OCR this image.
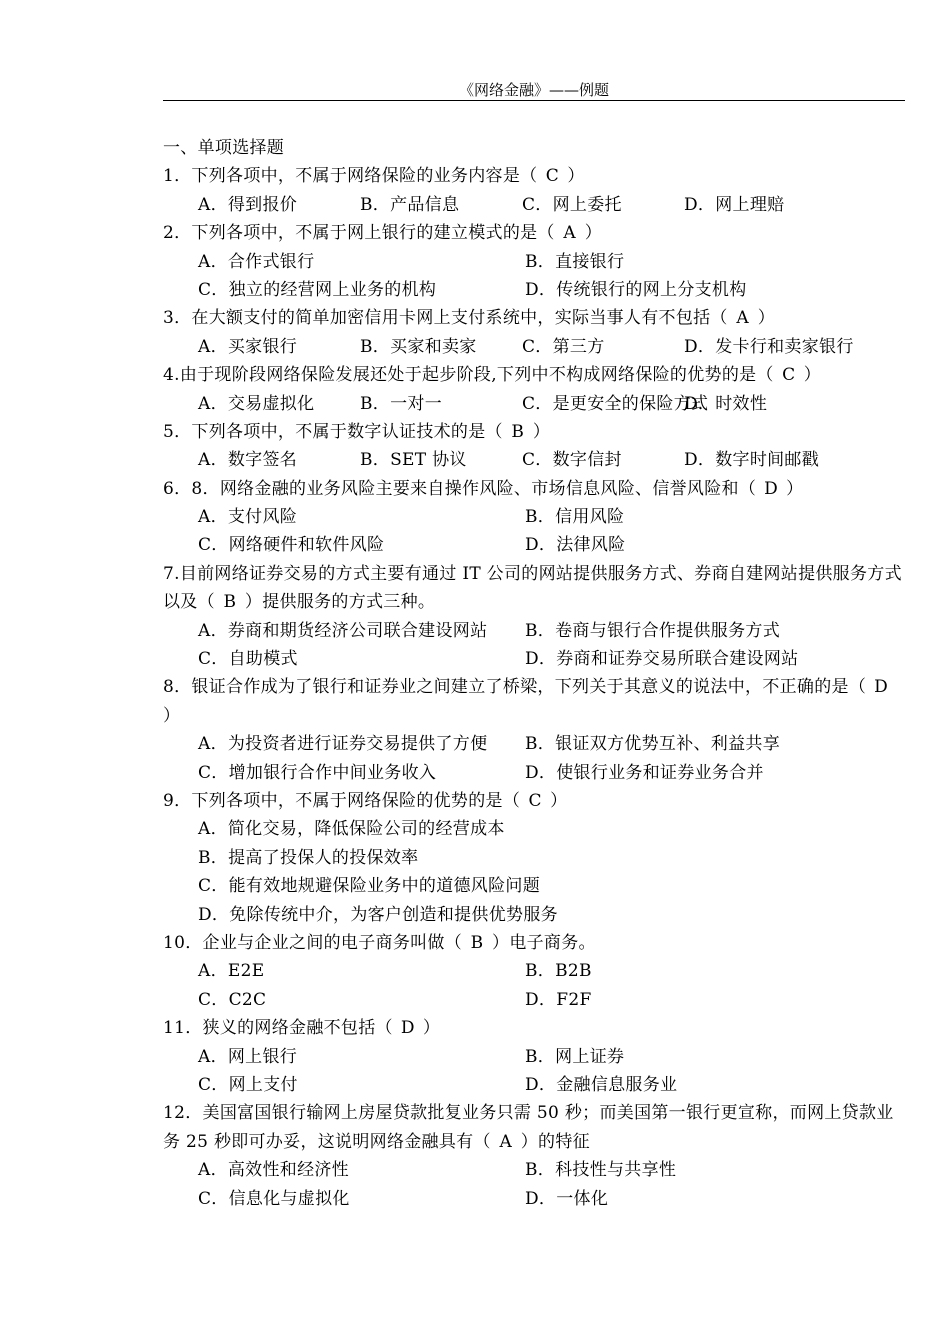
《网络金融》——例题
一、单项选择题
1．下列各项中，不属于网络保险的业务内容是（ C ）
A．得到报价	B．产品信息	C．网上委托	D．网上理赔
2．下列各项中，不属于网上银行的建立模式的是（ A ）
A．合作式银行	B．直接银行
C．独立的经营网上业务的机构	D．传统银行的网上分支机构
3．在大额支付的简单加密信用卡网上支付系统中，实际当事人有不包括（ A ）
A．买家银行	B．买家和卖家	C．第三方	D．发卡行和卖家银行
4.由于现阶段网络保险发展还处于起步阶段,下列中不构成网络保险的优势的是（ C ）
A．交易虚拟化	B．一对一	C．是更安全的保险方式D．时效性
5．下列各项中，不属于数字认证技术的是（ B ）
A．数字签名	B．SET 协议	C．数字信封	D．数字时间邮戳
6．8．网络金融的业务风险主要来自操作风险、市场信息风险、信誉风险和（ D ）
A．支付风险	B．信用风险
C．网络硬件和软件风险	D．法律风险
7.目前网络证券交易的方式主要有通过 IT 公司的网站提供服务方式、券商自建网站提供服务方式以及（ B ）提供服务的方式三种。
A．券商和期货经济公司联合建设网站 B．卷商与银行合作提供服务方式
C．自助模式	D．券商和证券交易所联合建设网站
8．银证合作成为了银行和证券业之间建立了桥梁，下列关于其意义的说法中，不正确的是（ D）
A．为投资者进行证券交易提供了方便 B．银证双方优势互补、利益共享
C．增加银行合作中间业务收入	D．使银行业务和证券业务合并
9．下列各项中，不属于网络保险的优势的是（ C ）
A．简化交易，降低保险公司的经营成本
B．提高了投保人的投保效率
C．能有效地规避保险业务中的道德风险问题
D．免除传统中介，为客户创造和提供优势服务
10．企业与企业之间的电子商务叫做（ B ）电子商务。
A．E2E	B．B2B
C．C2C	D．F2F
11．狭义的网络金融不包括（ D ）
A．网上银行	B．网上证券
C．网上支付	D．金融信息服务业
12．美国富国银行输网上房屋贷款批复业务只需 50 秒；而美国第一银行更宣称，而网上贷款业务 25 秒即可办妥，这说明网络金融具有（ A ）的特征
A．高效性和经济性	B．科技性与共享性
C．信息化与虚拟化	D．一体化
